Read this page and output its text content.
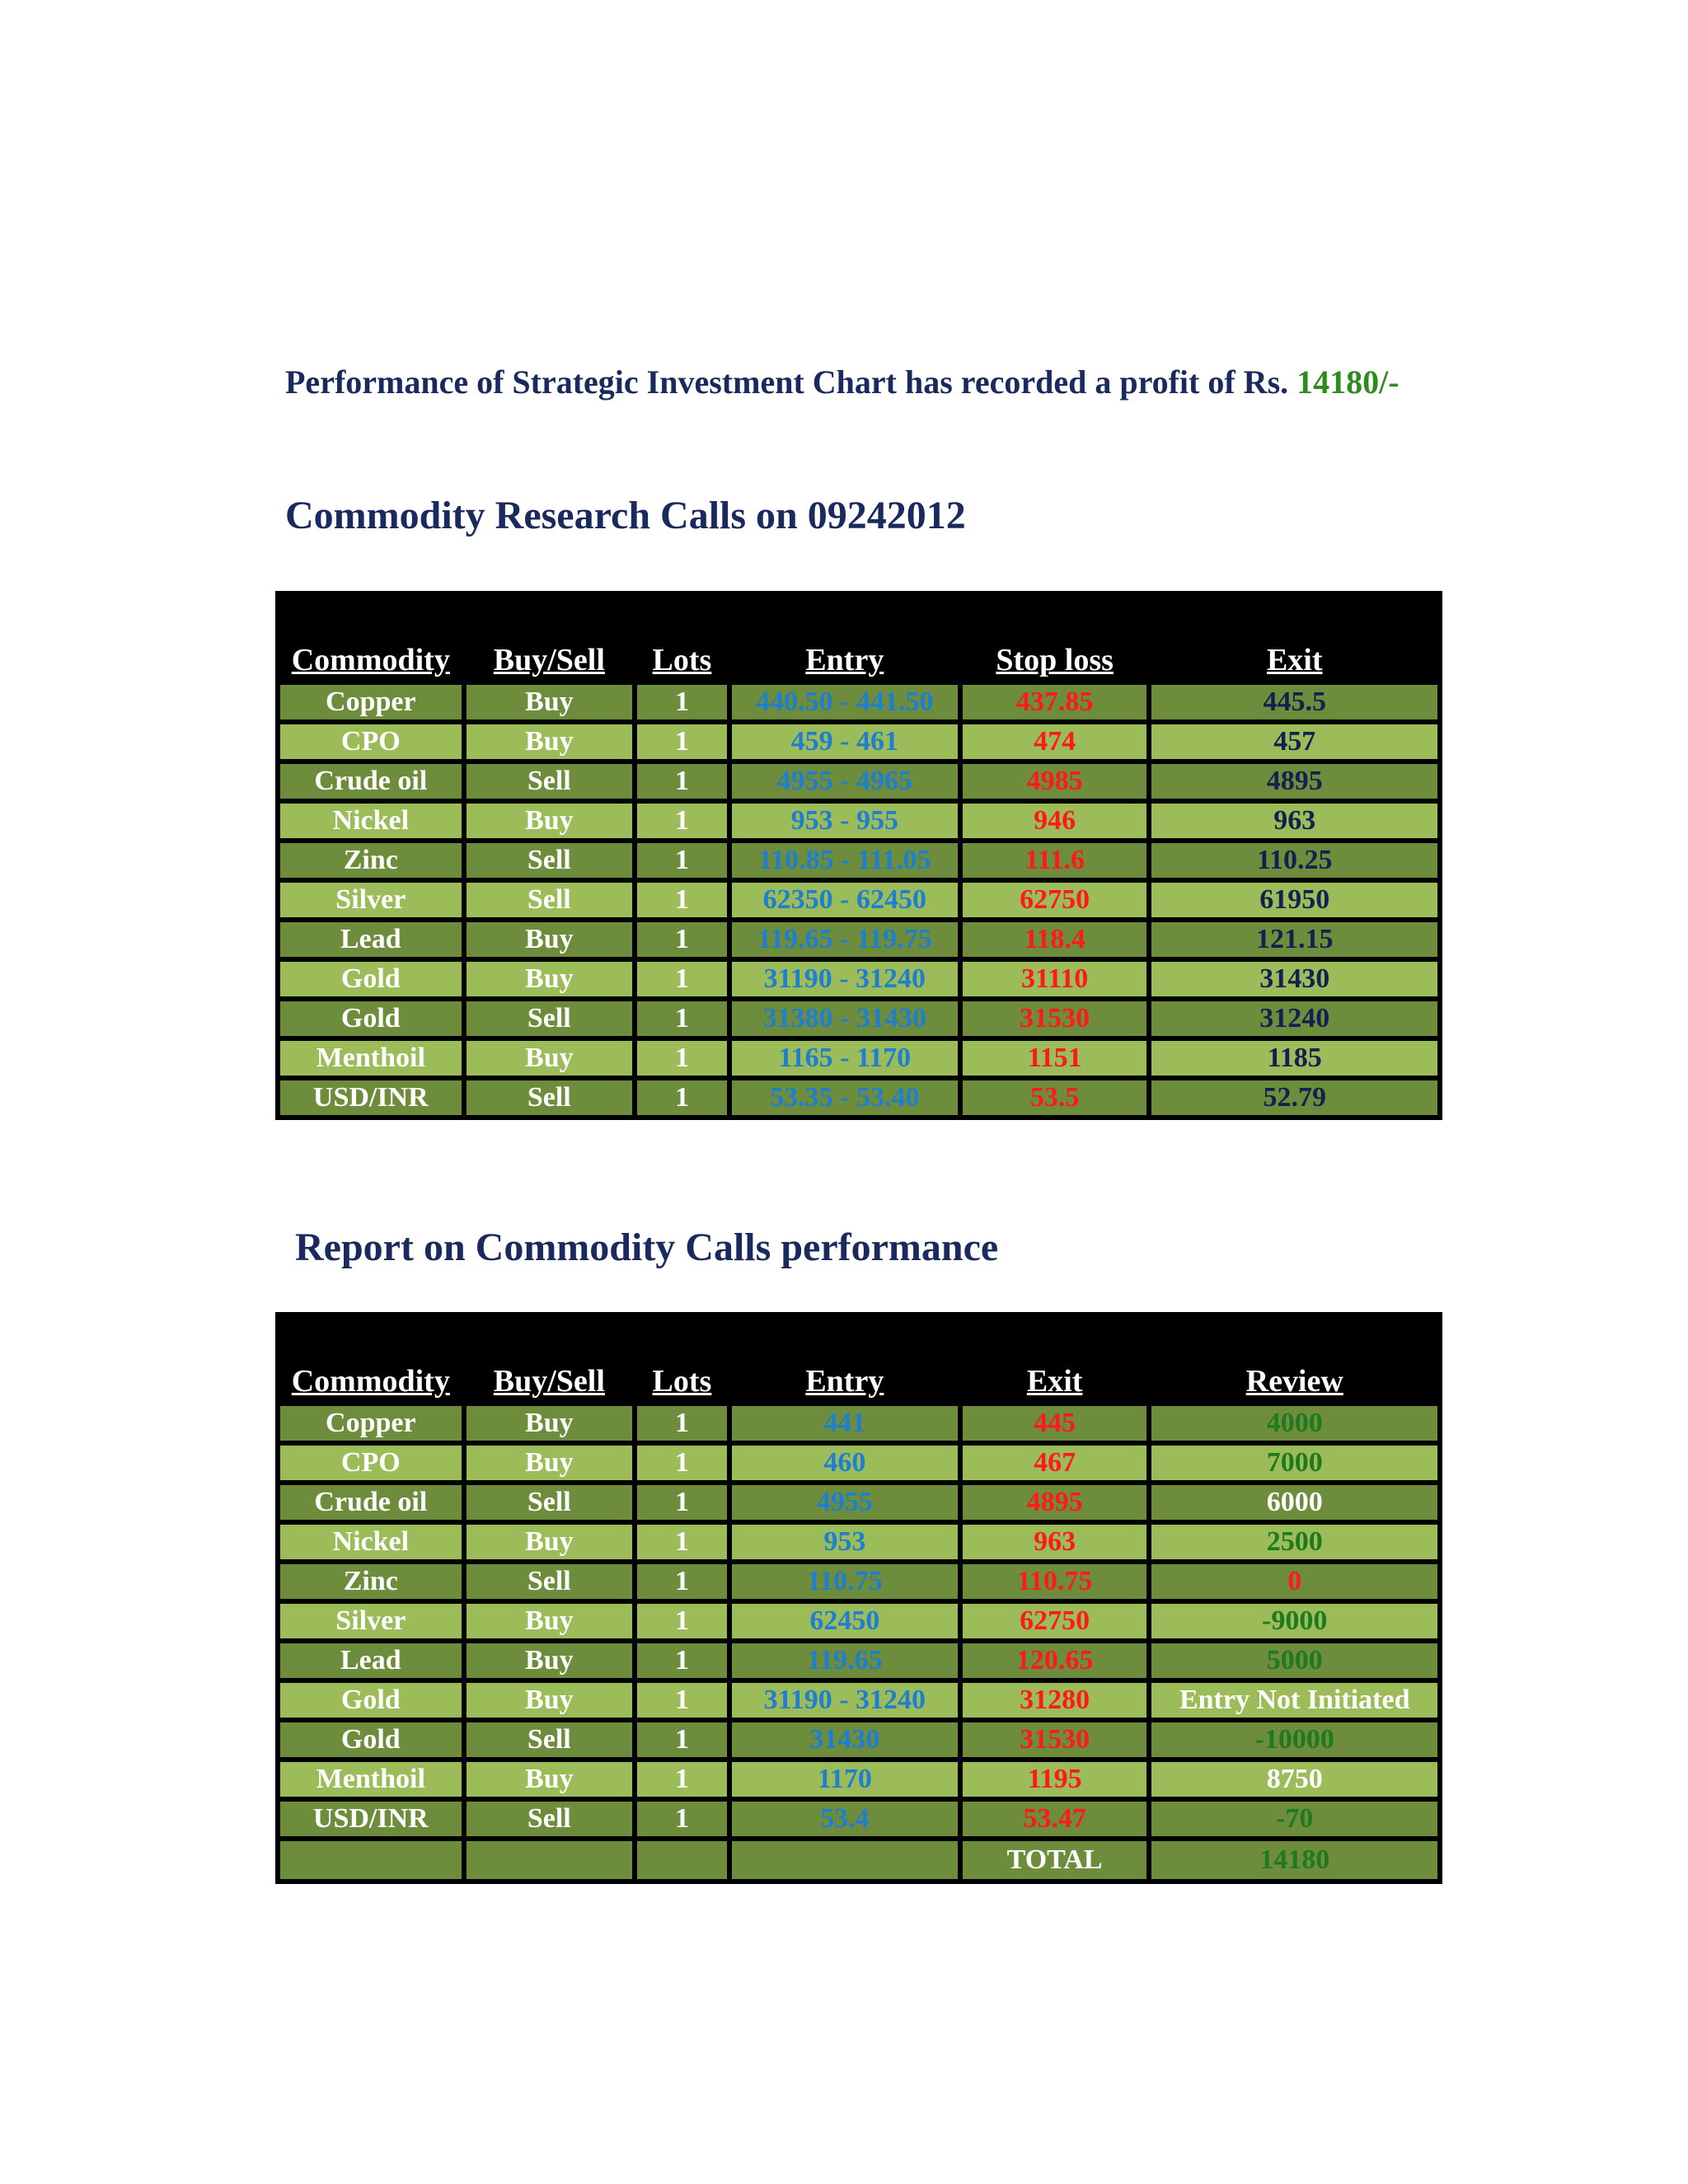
Performance of Strategic Investment Chart has recorded a profit of Rs. 14180/-

Commodity Research Calls on 09242012
Commodity	Buy/Sell	Lots	Entry	Stop loss	Exit
Copper	Buy	1	440.50 - 441.50	437.85	445.5
CPO	Buy	1	459 - 461	474	457
Crude oil	Sell	1	4955 - 4965	4985	4895
Nickel	Buy	1	953 - 955	946	963
Zinc	Sell	1	110.85 - 111.05	111.6	110.25
Silver	Sell	1	62350 - 62450	62750	61950
Lead	Buy	1	119.65 - 119.75	118.4	121.15
Gold	Buy	1	31190 - 31240	31110	31430
Gold	Sell	1	31380 - 31430	31530	31240
Menthoil	Buy	1	1165 - 1170	1151	1185
USD/INR	Sell	1	53.35 - 53.40	53.5	52.79
Report on Commodity Calls performance
Commodity	Buy/Sell	Lots	Entry	Exit	Review
Copper	Buy	1	441	445	4000
CPO	Buy	1	460	467	7000
Crude oil	Sell	1	4955	4895	6000
Nickel	Buy	1	953	963	2500
Zinc	Sell	1	110.75	110.75	0
Silver	Buy	1	62450	62750	-9000
Lead	Buy	1	119.65	120.65	5000
Gold	Buy	1	31190 - 31240	31280	Entry Not Initiated
Gold	Sell	1	31430	31530	-10000
Menthoil	Buy	1	1170	1195	8750
USD/INR	Sell	1	53.4	53.47	-70
				TOTAL	14180
